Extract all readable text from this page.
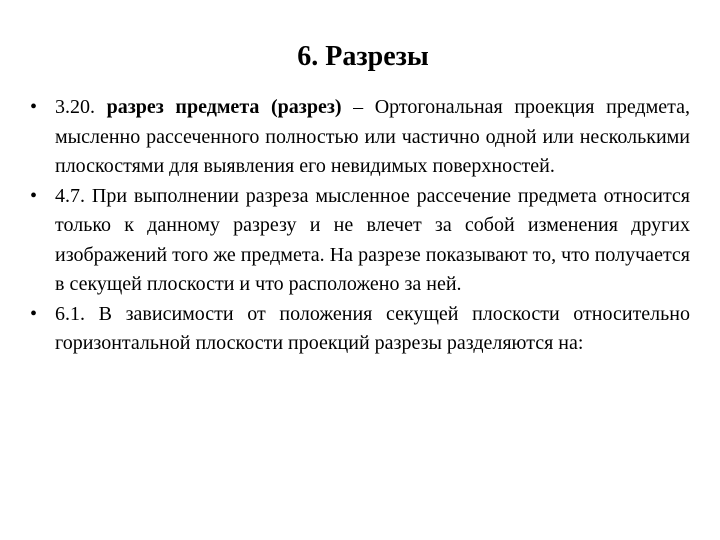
6. Разрезы
• 3.20. разрез предмета (разрез) – Ортогональная проекция предмета, мысленно рассеченного полностью или частично одной или несколькими плоскостями для выявления его невидимых поверхностей.
• 4.7. При выполнении разреза мысленное рассечение предмета относится только к данному разрезу и не влечет за собой изменения других изображений того же предмета. На разрезе показывают то, что получается в секущей плоскости и что расположено за ней.
• 6.1. В зависимости от положения секущей плоскости относительно горизонтальной плоскости проекций разрезы разделяются на:
